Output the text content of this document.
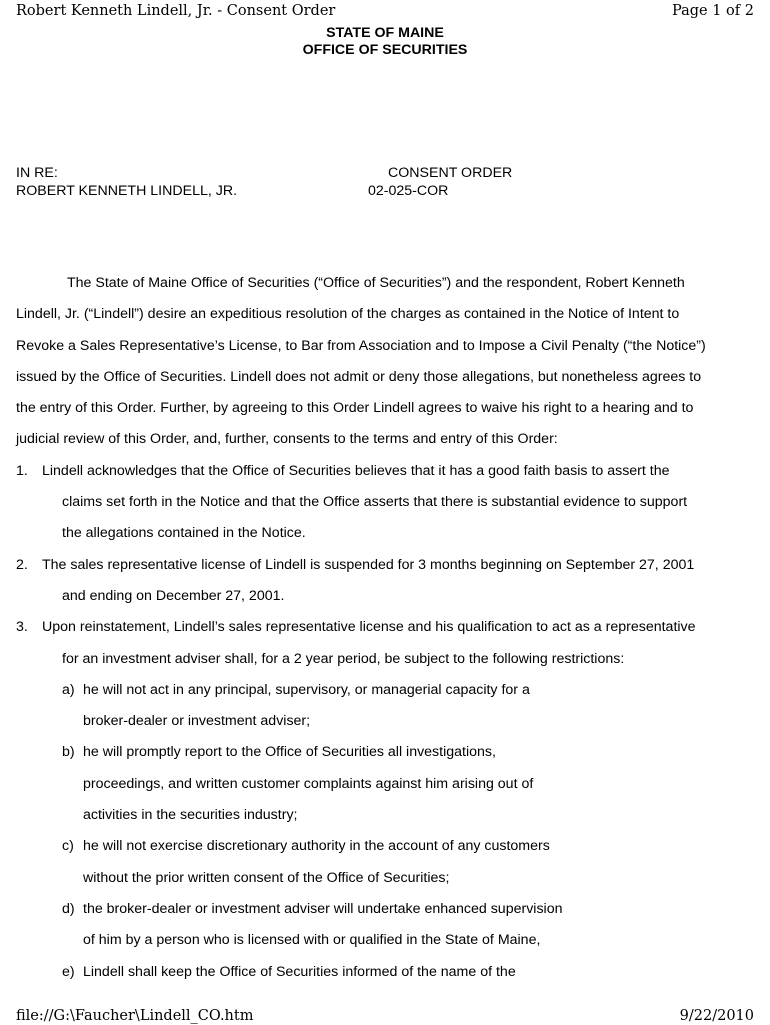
Robert Kenneth Lindell, Jr. - Consent Order	Page 1 of 2
STATE OF MAINE
OFFICE OF SECURITIES
IN RE:
ROBERT KENNETH LINDELL, JR.
CONSENT ORDER
02-025-COR
The State of Maine Office of Securities (“Office of Securities”) and the respondent, Robert Kenneth
Lindell, Jr. (“Lindell”) desire an expeditious resolution of the charges as contained in the Notice of Intent to
Revoke a Sales Representative’s License, to Bar from Association and to Impose a Civil Penalty (“the Notice”)
issued by the Office of Securities. Lindell does not admit or deny those allegations, but nonetheless agrees to
the entry of this Order. Further, by agreeing to this Order Lindell agrees to waive his right to a hearing and to
judicial review of this Order, and, further, consents to the terms and entry of this Order:
1. Lindell acknowledges that the Office of Securities believes that it has a good faith basis to assert the
claims set forth in the Notice and that the Office asserts that there is substantial evidence to support
the allegations contained in the Notice.
2. The sales representative license of Lindell is suspended for 3 months beginning on September 27, 2001
and ending on December 27, 2001.
3. Upon reinstatement, Lindell’s sales representative license and his qualification to act as a representative
for an investment adviser shall, for a 2 year period, be subject to the following restrictions:
a) he will not act in any principal, supervisory, or managerial capacity for a
broker-dealer or investment adviser;
b) he will promptly report to the Office of Securities all investigations,
proceedings, and written customer complaints against him arising out of
activities in the securities industry;
c) he will not exercise discretionary authority in the account of any customers
without the prior written consent of the Office of Securities;
d) the broker-dealer or investment adviser will undertake enhanced supervision
of him by a person who is licensed with or qualified in the State of Maine,
e) Lindell shall keep the Office of Securities informed of the name of the
file://G:\Faucher\Lindell_CO.htm	9/22/2010
